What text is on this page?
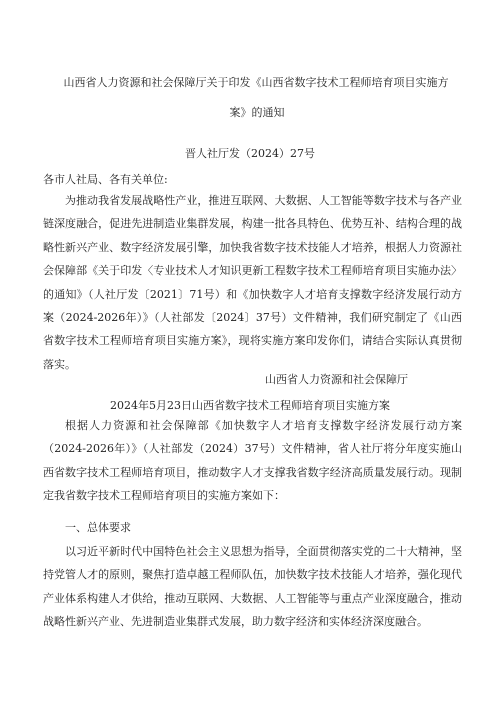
山西省人力资源和社会保障厅关于印发《山西省数字技术工程师培育项目实施方
案》的通知
晋人社厅发（2024）27号
各市人社局、各有关单位:
为推动我省发展战略性产业，推进互联网、大数据、人工智能等数字技术与各产业链深度融合，促进先进制造业集群发展，构建一批各具特色、优势互补、结构合理的战略性新兴产业、数字经济发展引擎，加快我省数字技术技能人才培养，根据人力资源社会保障部《关于印发〈专业技术人才知识更新工程数字技术工程师培育项目实施办法〉的通知》（人社厅发〔2021〕71号）和《加快数字人才培育支撑数字经济发展行动方案（2024-2026年）》（人社部发〔2024〕37号）文件精神，我们研究制定了《山西省数字技术工程师培育项目实施方案》，现将实施方案印发你们，请结合实际认真贯彻落实。
山西省人力资源和社会保障厅
2024年5月23日山西省数字技术工程师培育项目实施方案
根据人力资源和社会保障部《加快数字人才培育支撑数字经济发展行动方案（2024-2026年）》（人社部发（2024）37号）文件精神，省人社厅将分年度实施山西省数字技术工程师培育项目，推动数字人才支撑我省数字经济高质量发展行动。现制定我省数字技术工程师培育项目的实施方案如下：
一、总体要求
以习近平新时代中国特色社会主义思想为指导，全面贯彻落实党的二十大精神，坚持党管人才的原则，聚焦打造卓越工程师队伍，加快数字技术技能人才培养，强化现代产业体系构建人才供给，推动互联网、大数据、人工智能等与重点产业深度融合，推动战略性新兴产业、先进制造业集群式发展，助力数字经济和实体经济深度融合。
